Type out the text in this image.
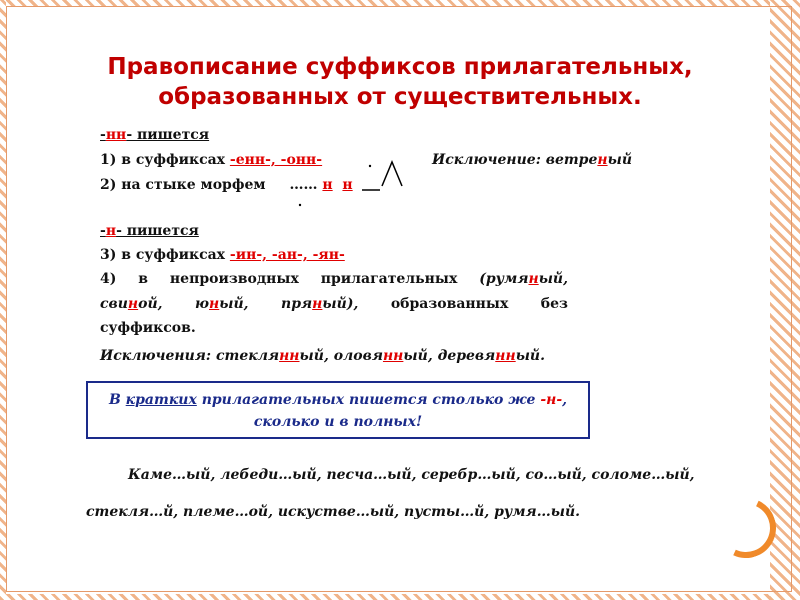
Правописание суффиксов прилагательных,
образованных от существительных.
-нн- пишется
1) в суффиксах -енн-, -онн-
2) на стыке морфем …… н н
Исключение: ветреный
-н- пишется
3) в суффиксах -ин-, -ан-, -ян-
4) в непроизводных прилагательных (румяный,
свиной, юный, пряный), образованных без
суффиксов.
Исключения: стеклянный, оловянный, деревянный.
В кратких прилагательных пишется столько же -н-,
сколько и в полных!
Каме…ый, лебеди…ый, песча…ый, серебр…ый, со…ый, соломе…ый,
стекля…й, племе…ой, искустве…ый, пусты…й, румя…ый.
